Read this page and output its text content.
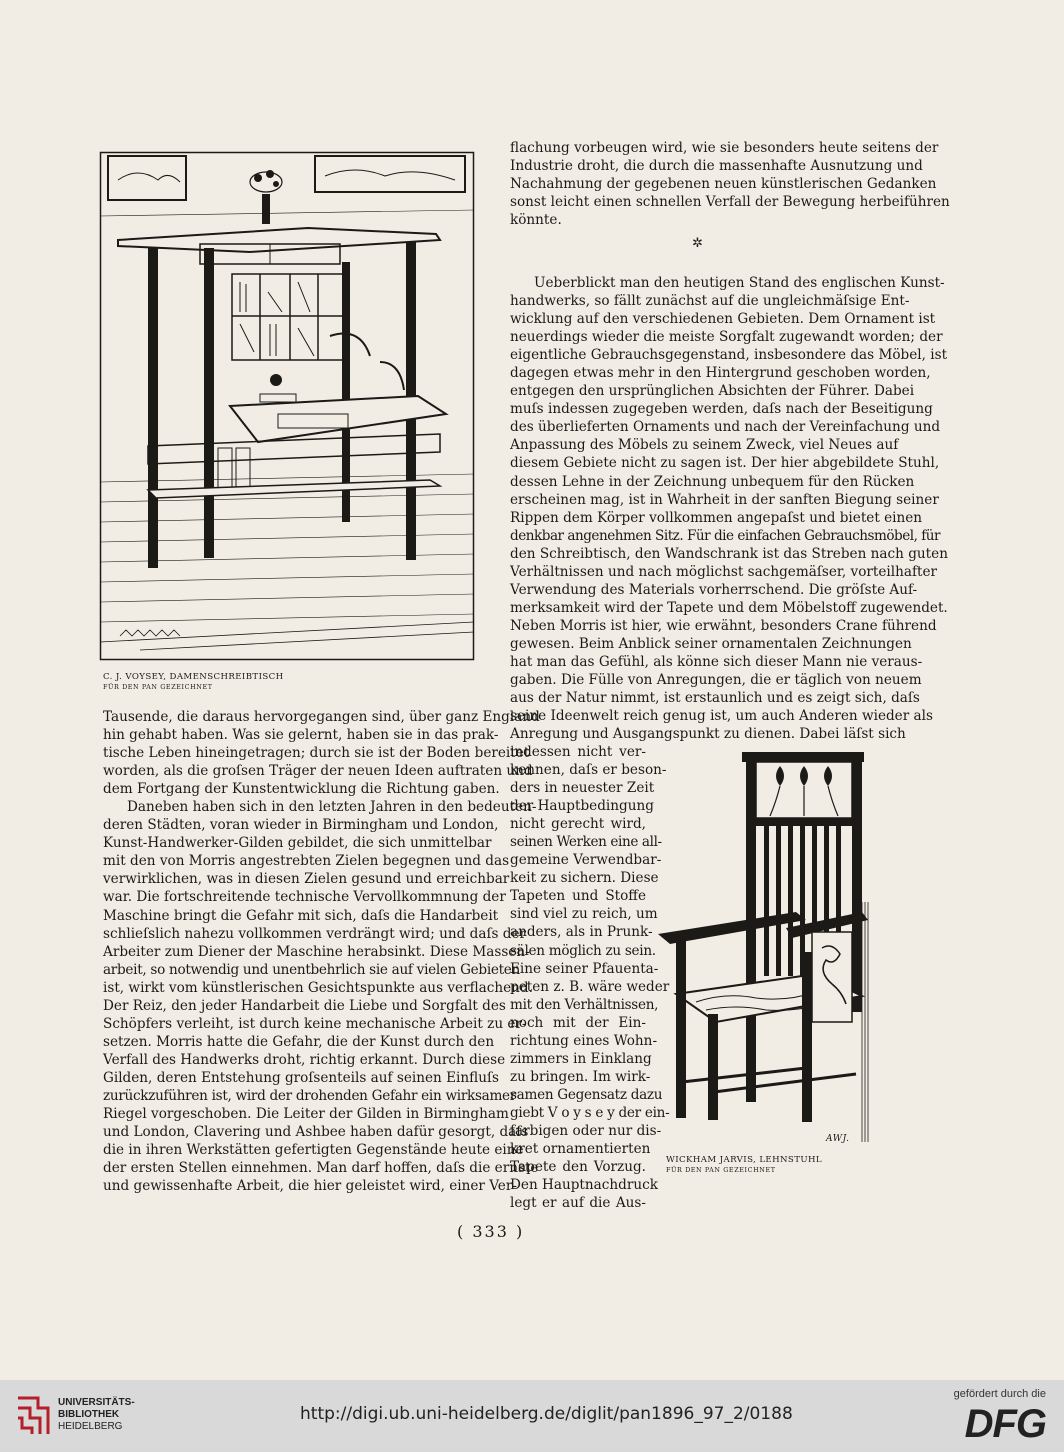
C. J. VOYSEY, DAMENSCHREIBTISCH
FÜR DEN PAN GEZEICHNET
flachung vorbeugen wird, wie sie besonders heute seitens der
Industrie droht, die durch die massenhafte Ausnutzung und
Nachahmung der gegebenen neuen künstlerischen Gedanken
sonst leicht einen schnellen Verfall der Bewegung herbeiführen
könnte.
✲
Ueberblickt man den heutigen Stand des englischen Kunst-
handwerks, so fällt zunächst auf die ungleichmäſsige Ent-
wicklung auf den verschiedenen Gebieten. Dem Ornament ist
neuerdings wieder die meiste Sorgfalt zugewandt worden; der
eigentliche Gebrauchsgegenstand, insbesondere das Möbel, ist
dagegen etwas mehr in den Hintergrund geschoben worden,
entgegen den ursprünglichen Absichten der Führer. Dabei
muſs indessen zugegeben werden, daſs nach der Beseitigung
des überlieferten Ornaments und nach der Vereinfachung und
Anpassung des Möbels zu seinem Zweck, viel Neues auf
diesem Gebiete nicht zu sagen ist. Der hier abgebildete Stuhl,
dessen Lehne in der Zeichnung unbequem für den Rücken
erscheinen mag, ist in Wahrheit in der sanften Biegung seiner
Rippen dem Körper vollkommen angepaſst und bietet einen
denkbar angenehmen Sitz. Für die einfachen Gebrauchsmöbel, für
den Schreibtisch, den Wandschrank ist das Streben nach guten
Verhältnissen und nach möglichst sachgemäſser, vorteilhafter
Verwendung des Materials vorherrschend. Die gröſste Auf-
merksamkeit wird der Tapete und dem Möbelstoff zugewendet.
Neben Morris ist hier, wie erwähnt, besonders Crane führend
gewesen. Beim Anblick seiner ornamentalen Zeichnungen
hat man das Gefühl, als könne sich dieser Mann nie veraus-
gaben. Die Fülle von Anregungen, die er täglich von neuem
aus der Natur nimmt, ist erstaunlich und es zeigt sich, daſs
seine Ideenwelt reich genug ist, um auch Anderen wieder als
Anregung und Ausgangspunkt zu dienen. Dabei läſst sich
indessen nicht ver-
kennen, daſs er beson-
ders in neuester Zeit
der Hauptbedingung
nicht gerecht wird,
seinen Werken eine all-
gemeine Verwendbar-
keit zu sichern. Diese
Tapeten und Stoffe
sind viel zu reich, um
anders, als in Prunk-
sälen möglich zu sein.
Eine seiner Pfauenta-
peten z. B. wäre weder
mit den Verhältnissen,
noch mit der Ein-
richtung eines Wohn-
zimmers in Einklang
zu bringen. Im wirk-
samen Gegensatz dazu
giebt V o y s e y der ein-
farbigen oder nur dis-
kret ornamentierten
Tapete den Vorzug.
Den Hauptnachdruck
legt er auf die Aus-
AWJ.
WICKHAM JARVIS, LEHNSTUHL
FÜR DEN PAN GEZEICHNET
Tausende, die daraus hervorgegangen sind, über ganz England
hin gehabt haben. Was sie gelernt, haben sie in das prak-
tische Leben hineingetragen; durch sie ist der Boden bereitet
worden, als die groſsen Träger der neuen Ideen auftraten und
dem Fortgang der Kunstentwicklung die Richtung gaben.
Daneben haben sich in den letzten Jahren in den bedeuten-
deren Städten, voran wieder in Birmingham und London,
Kunst-Handwerker-Gilden gebildet, die sich unmittelbar
mit den von Morris angestrebten Zielen begegnen und das
verwirklichen, was in diesen Zielen gesund und erreichbar
war. Die fortschreitende technische Vervollkommnung der
Maschine bringt die Gefahr mit sich, daſs die Handarbeit
schlieſslich nahezu vollkommen verdrängt wird; und daſs der
Arbeiter zum Diener der Maschine herabsinkt. Diese Massen-
arbeit, so notwendig und unentbehrlich sie auf vielen Gebieten
ist, wirkt vom künstlerischen Gesichtspunkte aus verflachend.
Der Reiz, den jeder Handarbeit die Liebe und Sorgfalt des
Schöpfers verleiht, ist durch keine mechanische Arbeit zu er-
setzen. Morris hatte die Gefahr, die der Kunst durch den
Verfall des Handwerks droht, richtig erkannt. Durch diese
Gilden, deren Entstehung groſsenteils auf seinen Einfluſs
zurückzuführen ist, wird der drohenden Gefahr ein wirksamer
Riegel vorgeschoben. Die Leiter der Gilden in Birmingham
und London, Clavering und Ashbee haben dafür gesorgt, daſs
die in ihren Werkstätten gefertigten Gegenstände heute eine
der ersten Stellen einnehmen. Man darf hoffen, daſs die ernste
und gewissenhafte Arbeit, die hier geleistet wird, einer Ver-
( 333 )
UNIVERSITÄTS-
BIBLIOTHEK
HEIDELBERG
http://digi.ub.uni-heidelberg.de/diglit/pan1896_97_2/0188
gefördert durch die
DFG
